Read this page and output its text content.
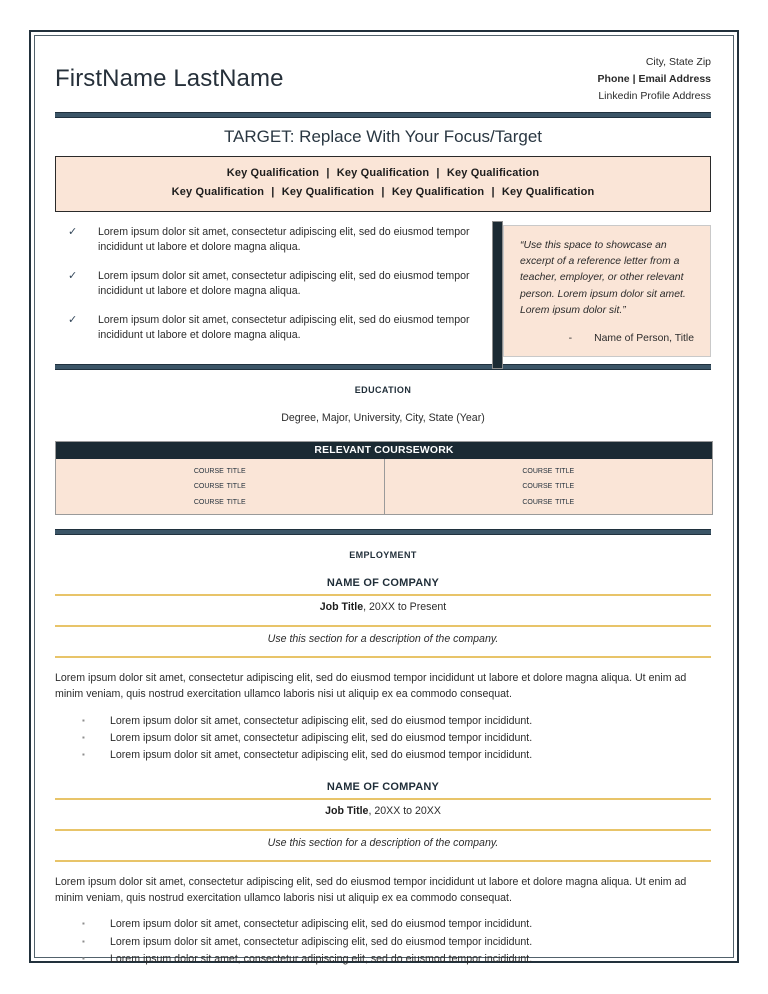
FirstName LastName
City, State Zip
Phone | Email Address
Linkedin Profile Address
TARGET: Replace With Your Focus/Target
Key Qualification | Key Qualification | Key Qualification
Key Qualification | Key Qualification | Key Qualification | Key Qualification
✓	Lorem ipsum dolor sit amet, consectetur adipiscing elit, sed do eiusmod tempor incididunt ut labore et dolore magna aliqua.
✓	Lorem ipsum dolor sit amet, consectetur adipiscing elit, sed do eiusmod tempor incididunt ut labore et dolore magna aliqua.
✓	Lorem ipsum dolor sit amet, consectetur adipiscing elit, sed do eiusmod tempor incididunt ut labore et dolore magna aliqua.
“Use this space to showcase an excerpt of a reference letter from a teacher, employer, or other relevant person. Lorem ipsum dolor sit amet. Lorem ipsum dolor sit.”
- Name of Person, Title
education
Degree, Major, University, City, State (Year)
RELEVANT COURSEWORK
course title
course title
course title
course title
course title
course title
employment
NAME OF COMPANY
Job Title, 20XX to Present
Use this section for a description of the company.
Lorem ipsum dolor sit amet, consectetur adipiscing elit, sed do eiusmod tempor incididunt ut labore et dolore magna aliqua. Ut enim ad minim veniam, quis nostrud exercitation ullamco laboris nisi ut aliquip ex ea commodo consequat.
▪	Lorem ipsum dolor sit amet, consectetur adipiscing elit, sed do eiusmod tempor incididunt.
▪	Lorem ipsum dolor sit amet, consectetur adipiscing elit, sed do eiusmod tempor incididunt.
▪	Lorem ipsum dolor sit amet, consectetur adipiscing elit, sed do eiusmod tempor incididunt.
NAME OF COMPANY
Job Title, 20XX to 20XX
Use this section for a description of the company.
Lorem ipsum dolor sit amet, consectetur adipiscing elit, sed do eiusmod tempor incididunt ut labore et dolore magna aliqua. Ut enim ad minim veniam, quis nostrud exercitation ullamco laboris nisi ut aliquip ex ea commodo consequat.
▪	Lorem ipsum dolor sit amet, consectetur adipiscing elit, sed do eiusmod tempor incididunt.
▪	Lorem ipsum dolor sit amet, consectetur adipiscing elit, sed do eiusmod tempor incididunt.
▪	Lorem ipsum dolor sit amet, consectetur adipiscing elit, sed do eiusmod tempor incididunt.
